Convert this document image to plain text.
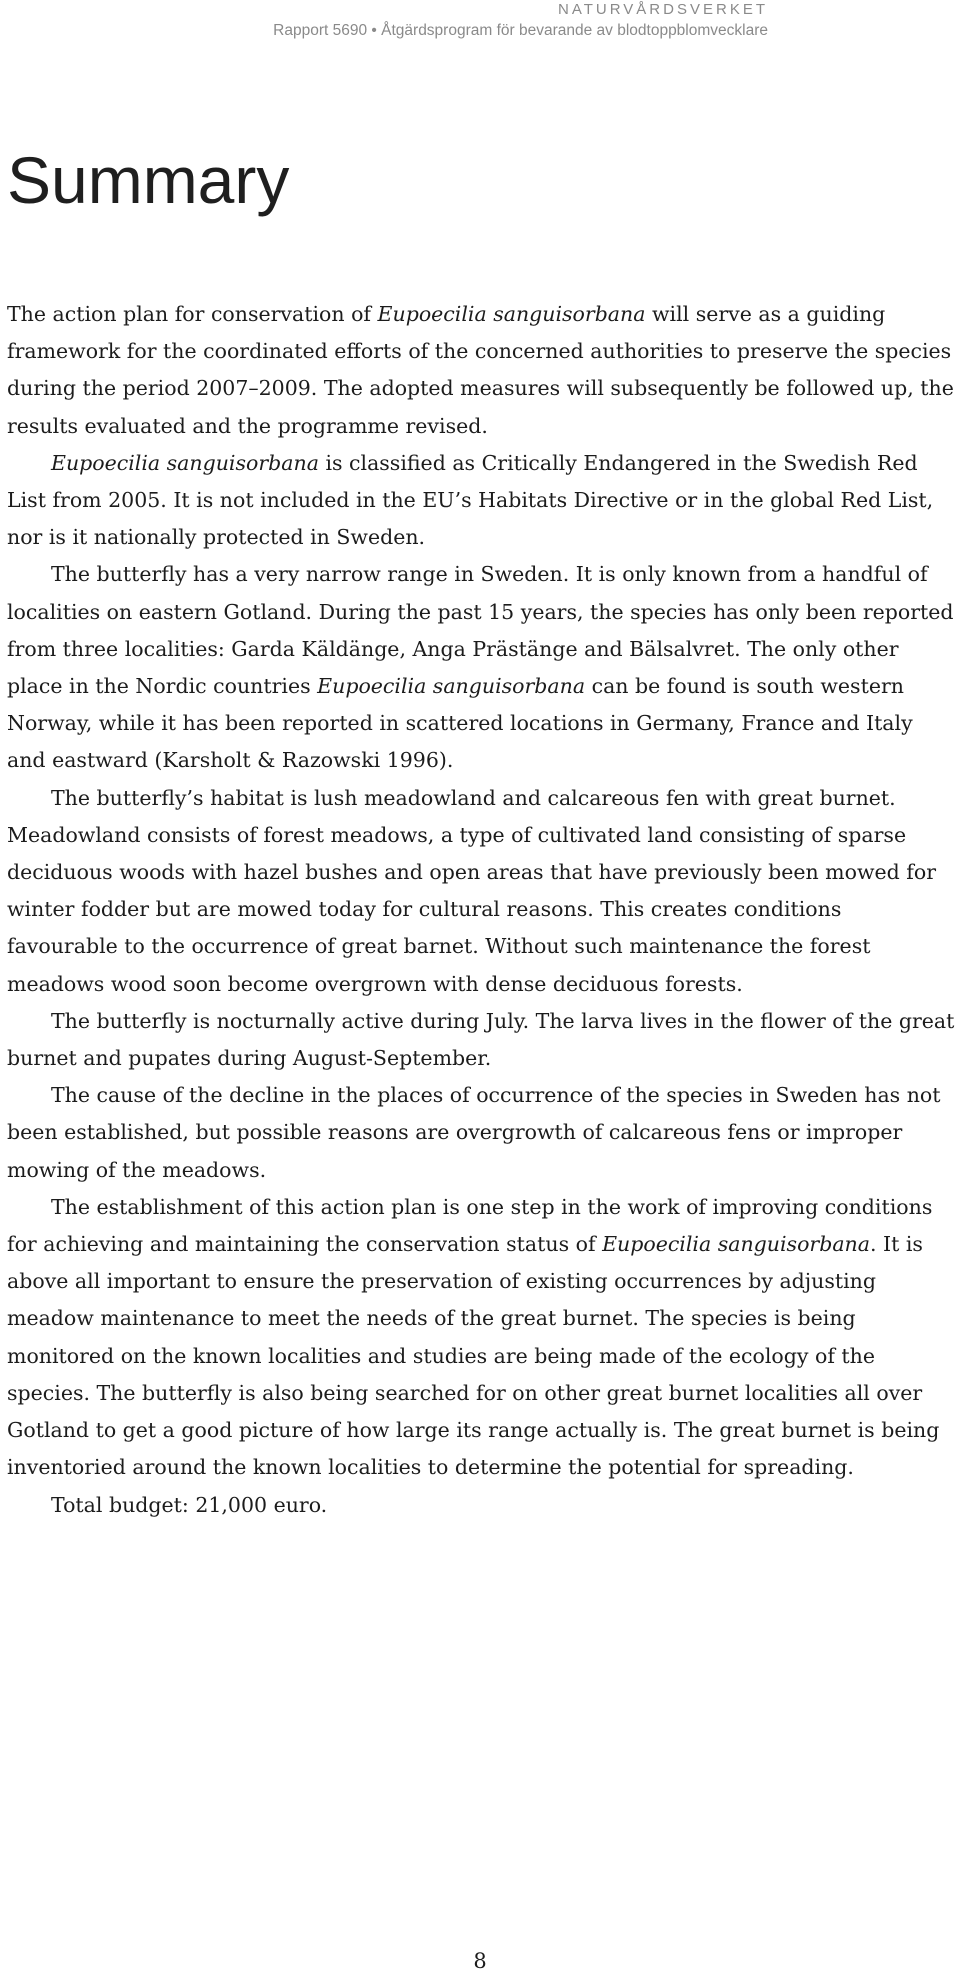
NATURVÅRDSVERKET
Rapport 5690 • Åtgärdsprogram för bevarande av blodtoppblomvecklare
Summary

The action plan for conservation of Eupoecilia sanguisorbana will serve as a guiding framework for the coordinated efforts of the concerned authorities to preserve the species during the period 2007–2009. The adopted measures will subsequently be followed up, the results evaluated and the programme revised.

Eupoecilia sanguisorbana is classified as Critically Endangered in the Swedish Red List from 2005. It is not included in the EU’s Habitats Directive or in the global Red List, nor is it nationally protected in Sweden.

The butterfly has a very narrow range in Sweden. It is only known from a handful of localities on eastern Gotland. During the past 15 years, the species has only been reported from three localities: Garda Käldänge, Anga Prästänge and Bälsalvret. The only other place in the Nordic countries Eupoecilia sanguisorbana can be found is south western Norway, while it has been reported in scattered locations in Germany, France and Italy and eastward (Karsholt & Razowski 1996).

The butterfly’s habitat is lush meadowland and calcareous fen with great burnet. Meadowland consists of forest meadows, a type of cultivated land consisting of sparse deciduous woods with hazel bushes and open areas that have previously been mowed for winter fodder but are mowed today for cultural reasons. This creates conditions favourable to the occurrence of great barnet. Without such maintenance the forest meadows wood soon become overgrown with dense deciduous forests.

The butterfly is nocturnally active during July. The larva lives in the flower of the great burnet and pupates during August-September.

The cause of the decline in the places of occurrence of the species in Sweden has not been established, but possible reasons are overgrowth of calcareous fens or improper mowing of the meadows.

The establishment of this action plan is one step in the work of improving conditions for achieving and maintaining the conservation status of Eupoecilia sanguisorbana. It is above all important to ensure the preservation of existing occurrences by adjusting meadow maintenance to meet the needs of the great burnet. The species is being monitored on the known localities and studies are being made of the ecology of the species. The butterfly is also being searched for on other great burnet localities all over Gotland to get a good picture of how large its range actually is. The great burnet is being inventoried around the known localities to determine the potential for spreading.

Total budget: 21,000 euro.

8
